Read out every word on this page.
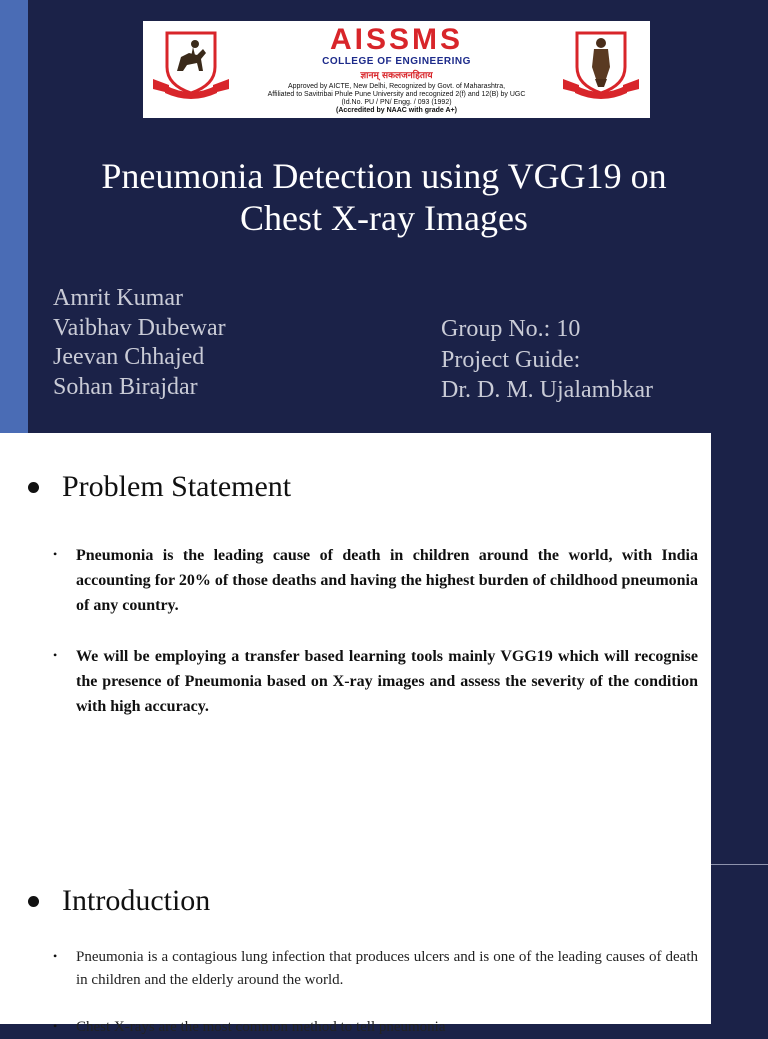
AISSMS
COLLEGE OF ENGINEERING
ज्ञानम् सकलजनहिताय
Approved by AICTE, New Delhi, Recognized by Govt. of Maharashtra,
Affiliated to Savitribai Phule Pune University and recognized 2(f) and 12(B) by UGC
(Id.No. PU / PN/ Engg. / 093 (1992)
(Accredited by NAAC with grade A+)
Pneumonia Detection using VGG19 on
Chest X-ray Images
Amrit Kumar
Vaibhav Dubewar
Jeevan Chhajed
Sohan Birajdar
Group No.: 10
Project Guide:
Dr. D. M. Ujalambkar
Problem Statement
• Pneumonia is the leading cause of death in children around the world, with India accounting for 20% of those deaths and having the highest burden of childhood pneumonia of any country.
• We will be employing a transfer based learning tools mainly VGG19 which will recognise the presence of Pneumonia based on X-ray images and assess the severity of the condition with high accuracy.
Introduction
• Pneumonia is a contagious lung infection that produces ulcers and is one of the leading causes of death in children and the elderly around the world.
• Chest X-rays are the most common method to tell pneumonia
